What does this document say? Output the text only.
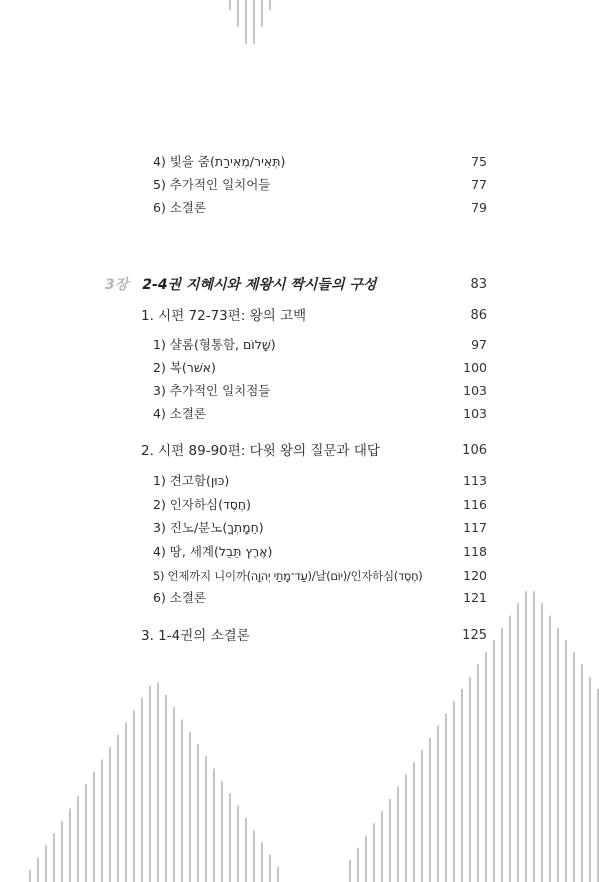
4) 빛을 줌(תְּאִיר/מְאִירַת)	75
5) 추가적인 일치어들	77
6) 소결론	79
3장 2-4권 지혜시와 제왕시 짝시들의 구성	83
1. 시편 72-73편: 왕의 고백	86
1) 샬롬(형통함, שָׁלוֹם)	97
2) 복(אשׁר)	100
3) 추가적인 일치점들	103
4) 소결론	103
2. 시편 89-90편: 다윗 왕의 질문과 대답	106
1) 견고함(כּוּן)	113
2) 인자하심(חֶסֶד)	116
3) 진노/분노(חֵמָתְךָ)	117
4) 땅, 세계(אֶרֶץ תֵּבֵל)	118
5) 언제까지 니이까(עַד־מָתַי יְהוָה)/날(יוֹם)/인자하심(חֶסֶד)	120
6) 소결론	121
3. 1-4권의 소결론	125
